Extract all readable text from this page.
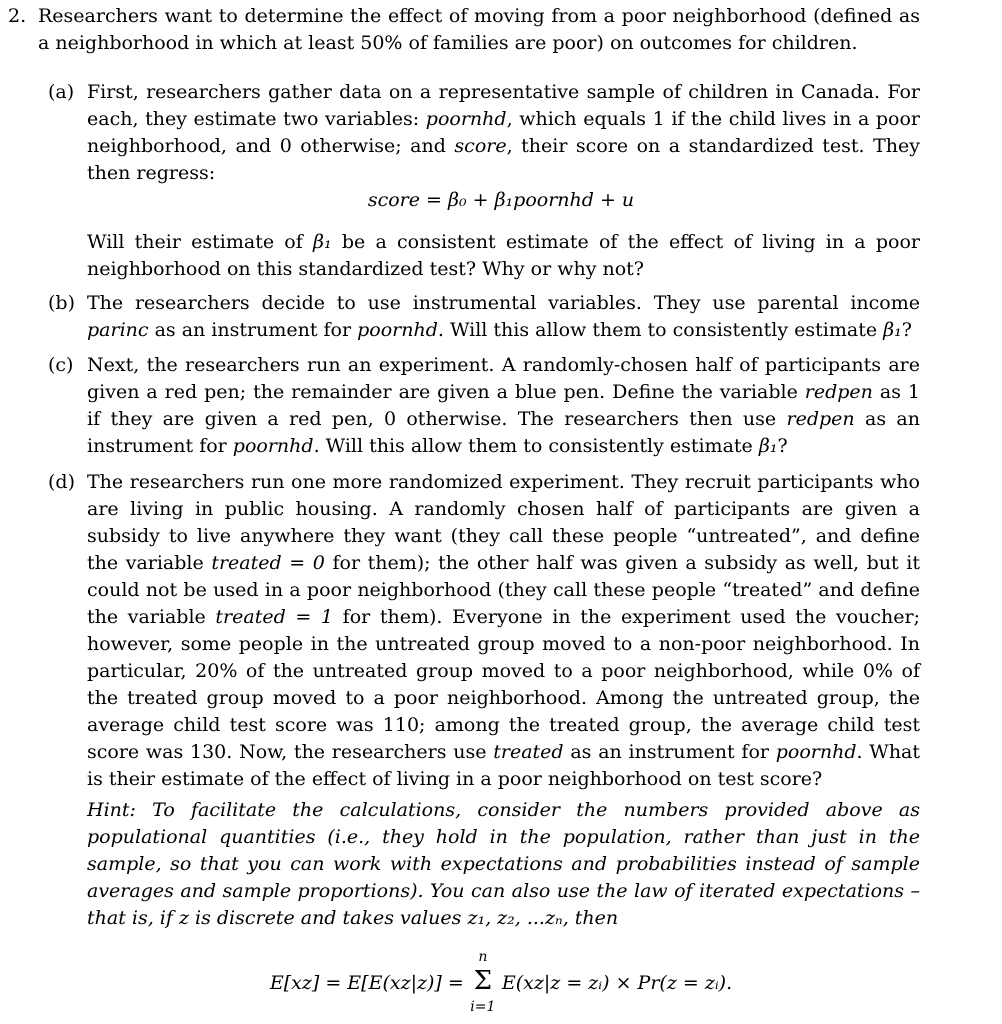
2. Researchers want to determine the effect of moving from a poor neighborhood (defined as a neighborhood in which at least 50% of families are poor) on outcomes for children.

(a) First, researchers gather data on a representative sample of children in Canada. For each, they estimate two variables: poornhd, which equals 1 if the child lives in a poor neighborhood, and 0 otherwise; and score, their score on a standardized test. They then regress:

score = β₀ + β₁poornhd + u

Will their estimate of β₁ be a consistent estimate of the effect of living in a poor neighborhood on this standardized test? Why or why not?

(b) The researchers decide to use instrumental variables. They use parental income parinc as an instrument for poornhd. Will this allow them to consistently estimate β₁?

(c) Next, the researchers run an experiment. A randomly-chosen half of participants are given a red pen; the remainder are given a blue pen. Define the variable redpen as 1 if they are given a red pen, 0 otherwise. The researchers then use redpen as an instrument for poornhd. Will this allow them to consistently estimate β₁?

(d) The researchers run one more randomized experiment. They recruit participants who are living in public housing. A randomly chosen half of participants are given a subsidy to live anywhere they want (they call these people “untreated”, and define the variable treated = 0 for them); the other half was given a subsidy as well, but it could not be used in a poor neighborhood (they call these people “treated” and define the variable treated = 1 for them). Everyone in the experiment used the voucher; however, some people in the untreated group moved to a non-poor neighborhood. In particular, 20% of the untreated group moved to a poor neighborhood, while 0% of the treated group moved to a poor neighborhood. Among the untreated group, the average child test score was 110; among the treated group, the average child test score was 130. Now, the researchers use treated as an instrument for poornhd. What is their estimate of the effect of living in a poor neighborhood on test score?

Hint: To facilitate the calculations, consider the numbers provided above as populational quantities (i.e., they hold in the population, rather than just in the sample, so that you can work with expectations and probabilities instead of sample averages and sample proportions). You can also use the law of iterated expectations – that is, if z is discrete and takes values z₁, z₂, ...zₙ, then

E[xz] = E[E(xz|z)] =
n
Σ
i=1
E(xz|z = zᵢ) × Pr(z = zᵢ).
